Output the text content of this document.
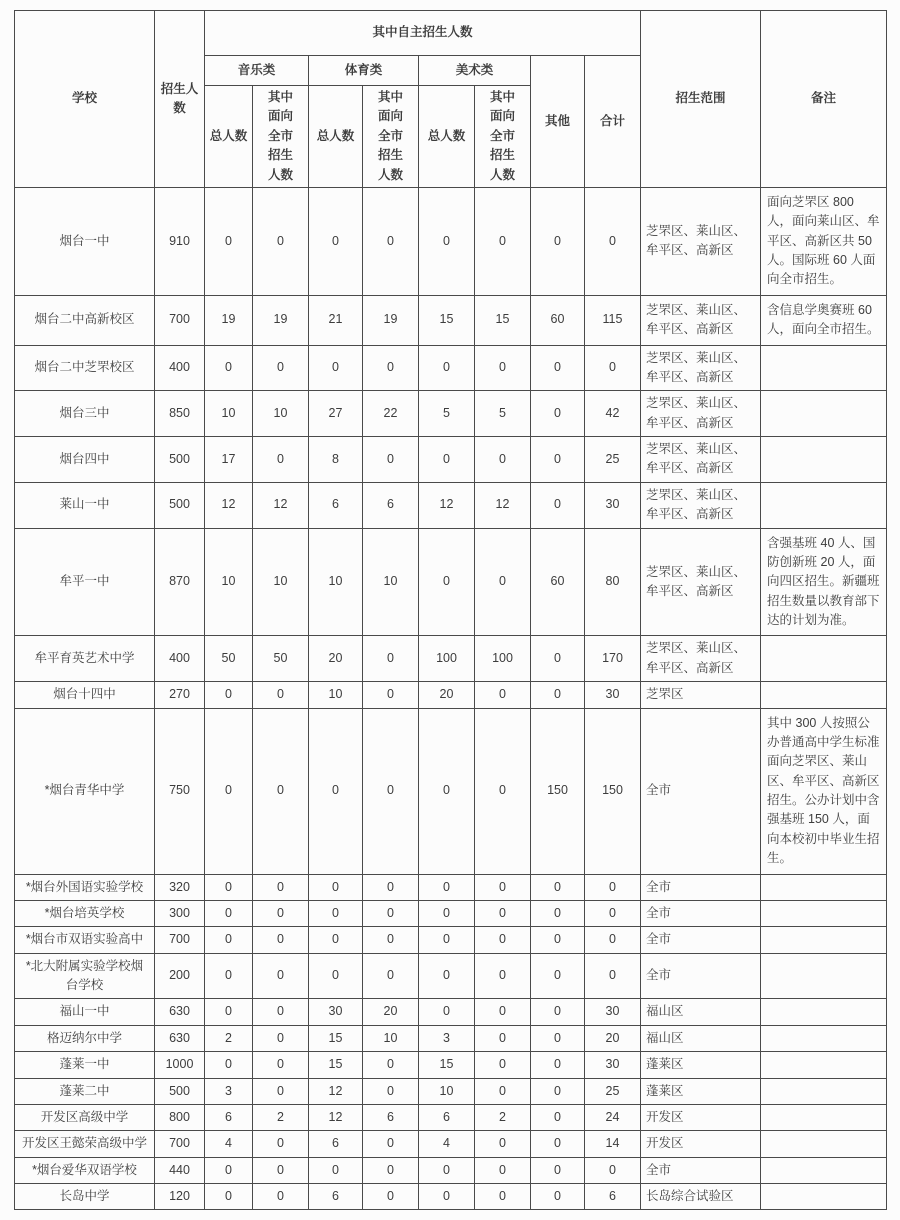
学校	招生人数	其中自主招生人数								招生范围	备注
		音乐类		体育类		美术类		其他	合计		
		总人数	其中面向全市招生人数	总人数	其中面向全市招生人数	总人数	其中面向全市招生人数				
烟台一中	910	0	0	0	0	0	0	0	0	芝罘区、莱山区、牟平区、高新区	面向芝罘区 800 人，面向莱山区、牟平区、高新区共 50 人。国际班 60 人面向全市招生。
烟台二中高新校区	700	19	19	21	19	15	15	60	115	芝罘区、莱山区、牟平区、高新区	含信息学奥赛班 60 人，面向全市招生。
烟台二中芝罘校区	400	0	0	0	0	0	0	0	0	芝罘区、莱山区、牟平区、高新区	
烟台三中	850	10	10	27	22	5	5	0	42	芝罘区、莱山区、牟平区、高新区	
烟台四中	500	17	0	8	0	0	0	0	25	芝罘区、莱山区、牟平区、高新区	
莱山一中	500	12	12	6	6	12	12	0	30	芝罘区、莱山区、牟平区、高新区	
牟平一中	870	10	10	10	10	0	0	60	80	芝罘区、莱山区、牟平区、高新区	含强基班 40 人、国防创新班 20 人，面向四区招生。新疆班招生数量以教育部下达的计划为准。
牟平育英艺术中学	400	50	50	20	0	100	100	0	170	芝罘区、莱山区、牟平区、高新区	
烟台十四中	270	0	0	10	0	20	0	0	30	芝罘区	
*烟台青华中学	750	0	0	0	0	0	0	150	150	全市	其中 300 人按照公办普通高中学生标准面向芝罘区、莱山区、牟平区、高新区招生。公办计划中含强基班 150 人，面向本校初中毕业生招生。
*烟台外国语实验学校	320	0	0	0	0	0	0	0	0	全市	
*烟台培英学校	300	0	0	0	0	0	0	0	0	全市	
*烟台市双语实验高中	700	0	0	0	0	0	0	0	0	全市	
*北大附属实验学校烟台学校	200	0	0	0	0	0	0	0	0	全市	
福山一中	630	0	0	30	20	0	0	0	30	福山区	
格迈纳尔中学	630	2	0	15	10	3	0	0	20	福山区	
蓬莱一中	1000	0	0	15	0	15	0	0	30	蓬莱区	
蓬莱二中	500	3	0	12	0	10	0	0	25	蓬莱区	
开发区高级中学	800	6	2	12	6	6	2	0	24	开发区	
开发区王懿荣高级中学	700	4	0	6	0	4	0	0	14	开发区	
*烟台爱华双语学校	440	0	0	0	0	0	0	0	0	全市	
长岛中学	120	0	0	6	0	0	0	0	6	长岛综合试验区	
